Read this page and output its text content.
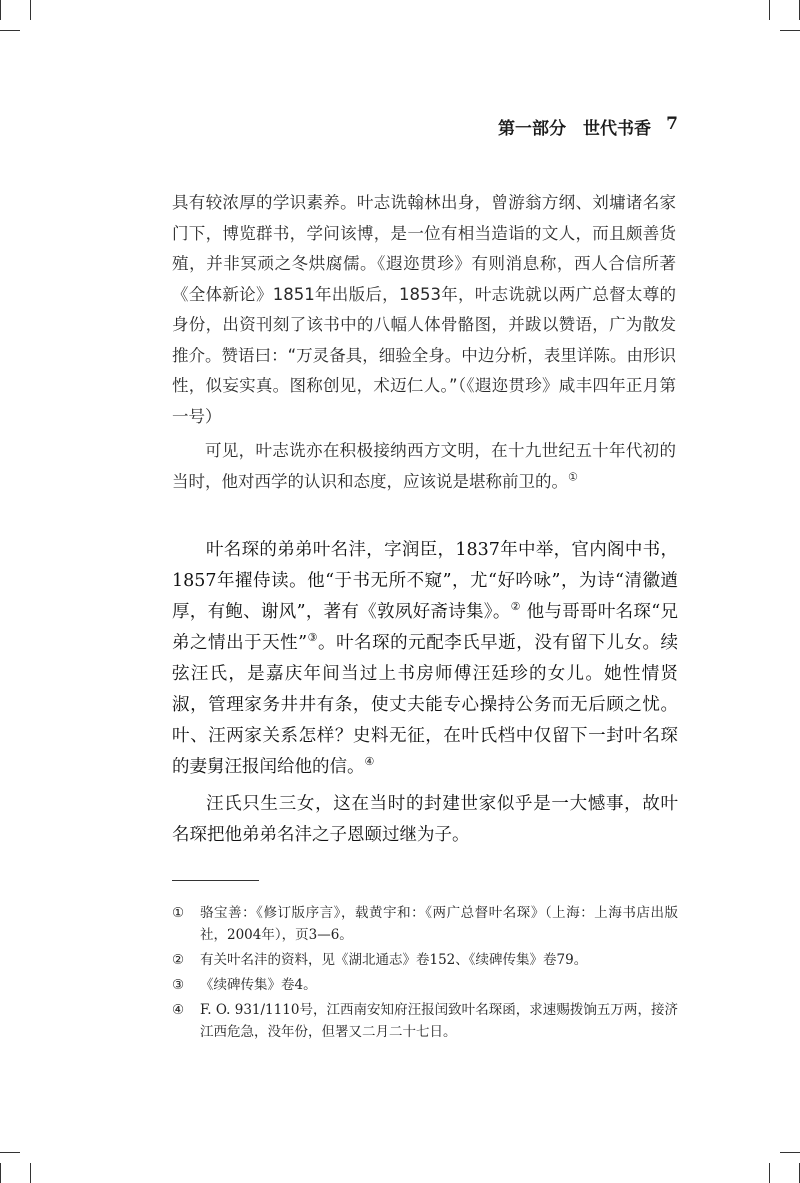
第一部分　世代书香 7

具有较浓厚的学识素养。叶志诜翰林出身，曾游翁方纲、刘墉诸名家门下，博览群书，学问该博，是一位有相当造诣的文人，而且颇善货殖，并非冥顽之冬烘腐儒。《遐迩贯珍》有则消息称，西人合信所著《全体新论》1851年出版后，1853年，叶志诜就以两广总督太尊的身份，出资刊刻了该书中的八幅人体骨骼图，并跋以赞语，广为散发推介。赞语曰：“万灵备具，细验全身。中边分析，表里详陈。由形识性，似妄实真。图称创见，术迈仁人。”（《遐迩贯珍》咸丰四年正月第一号）

可见，叶志诜亦在积极接纳西方文明，在十九世纪五十年代初的当时，他对西学的认识和态度，应该说是堪称前卫的。①

叶名琛的弟弟叶名沣，字润臣，1837年中举，官内阁中书，1857年擢侍读。他“于书无所不窥”，尤“好吟咏”，为诗“清徽遒厚，有鲍、谢风”，著有《敦夙好斋诗集》。② 他与哥哥叶名琛“兄弟之情出于天性”③。叶名琛的元配李氏早逝，没有留下儿女。续弦汪氏，是嘉庆年间当过上书房师傅汪廷珍的女儿。她性情贤淑，管理家务井井有条，使丈夫能专心操持公务而无后顾之忧。叶、汪两家关系怎样？史料无征，在叶氏档中仅留下一封叶名琛的妻舅汪报闰给他的信。④

汪氏只生三女，这在当时的封建世家似乎是一大憾事，故叶名琛把他弟弟名沣之子恩颐过继为子。

①	骆宝善：《修订版序言》，载黄宇和：《两广总督叶名琛》（上海：上海书店出版社，2004年），页3—6。
②	有关叶名沣的资料，见《湖北通志》卷152、《续碑传集》卷79。
③	《续碑传集》卷4。
④	F. O. 931/1110号，江西南安知府汪报闰致叶名琛函，求速赐拨饷五万两，接济江西危急，没年份，但署又二月二十七日。
